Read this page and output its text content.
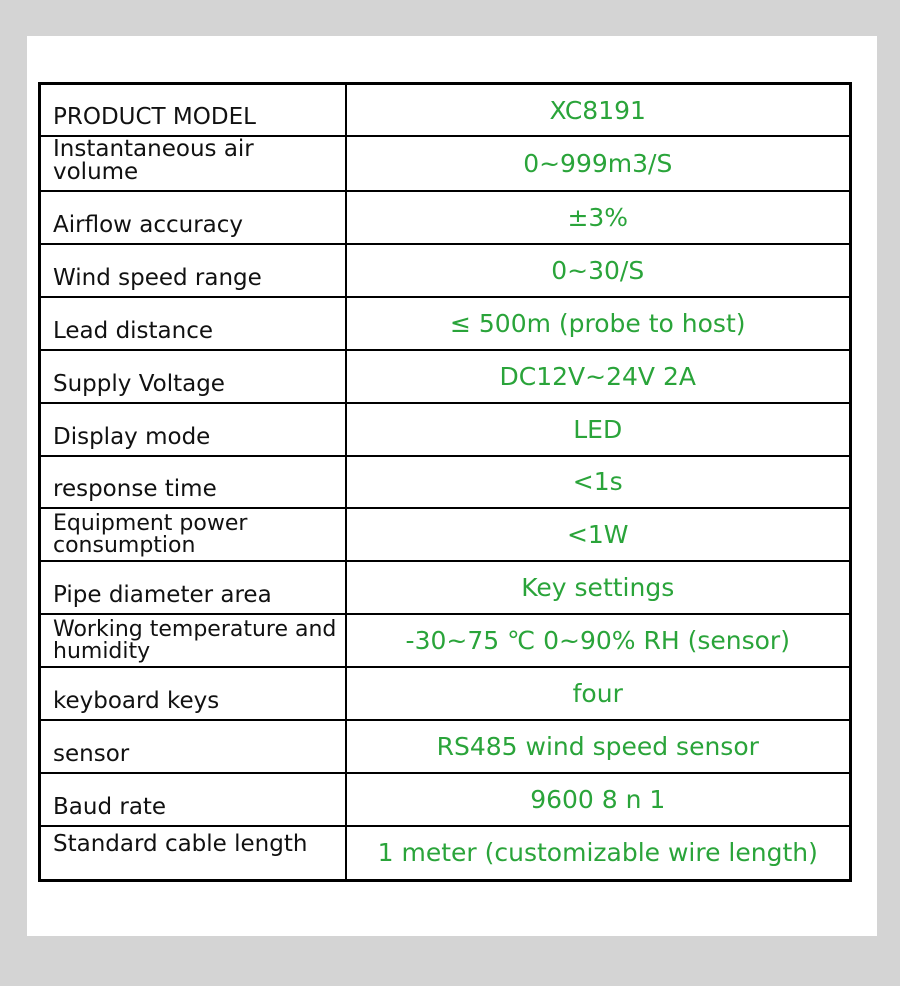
PRODUCT MODEL	XC8191
Instantaneous air volume	0~999m3/S
Airflow accuracy	±3%
Wind speed range	0~30/S
Lead distance	≤ 500m (probe to host)
Supply Voltage	DC12V~24V 2A
Display mode	LED
response time	<1s
Equipment power consumption	<1W
Pipe diameter area	Key settings
Working temperature and humidity	-30~75 ℃ 0~90% RH (sensor)
keyboard keys	four
sensor	RS485 wind speed sensor
Baud rate	9600 8 n 1
Standard cable length	1 meter (customizable wire length)
